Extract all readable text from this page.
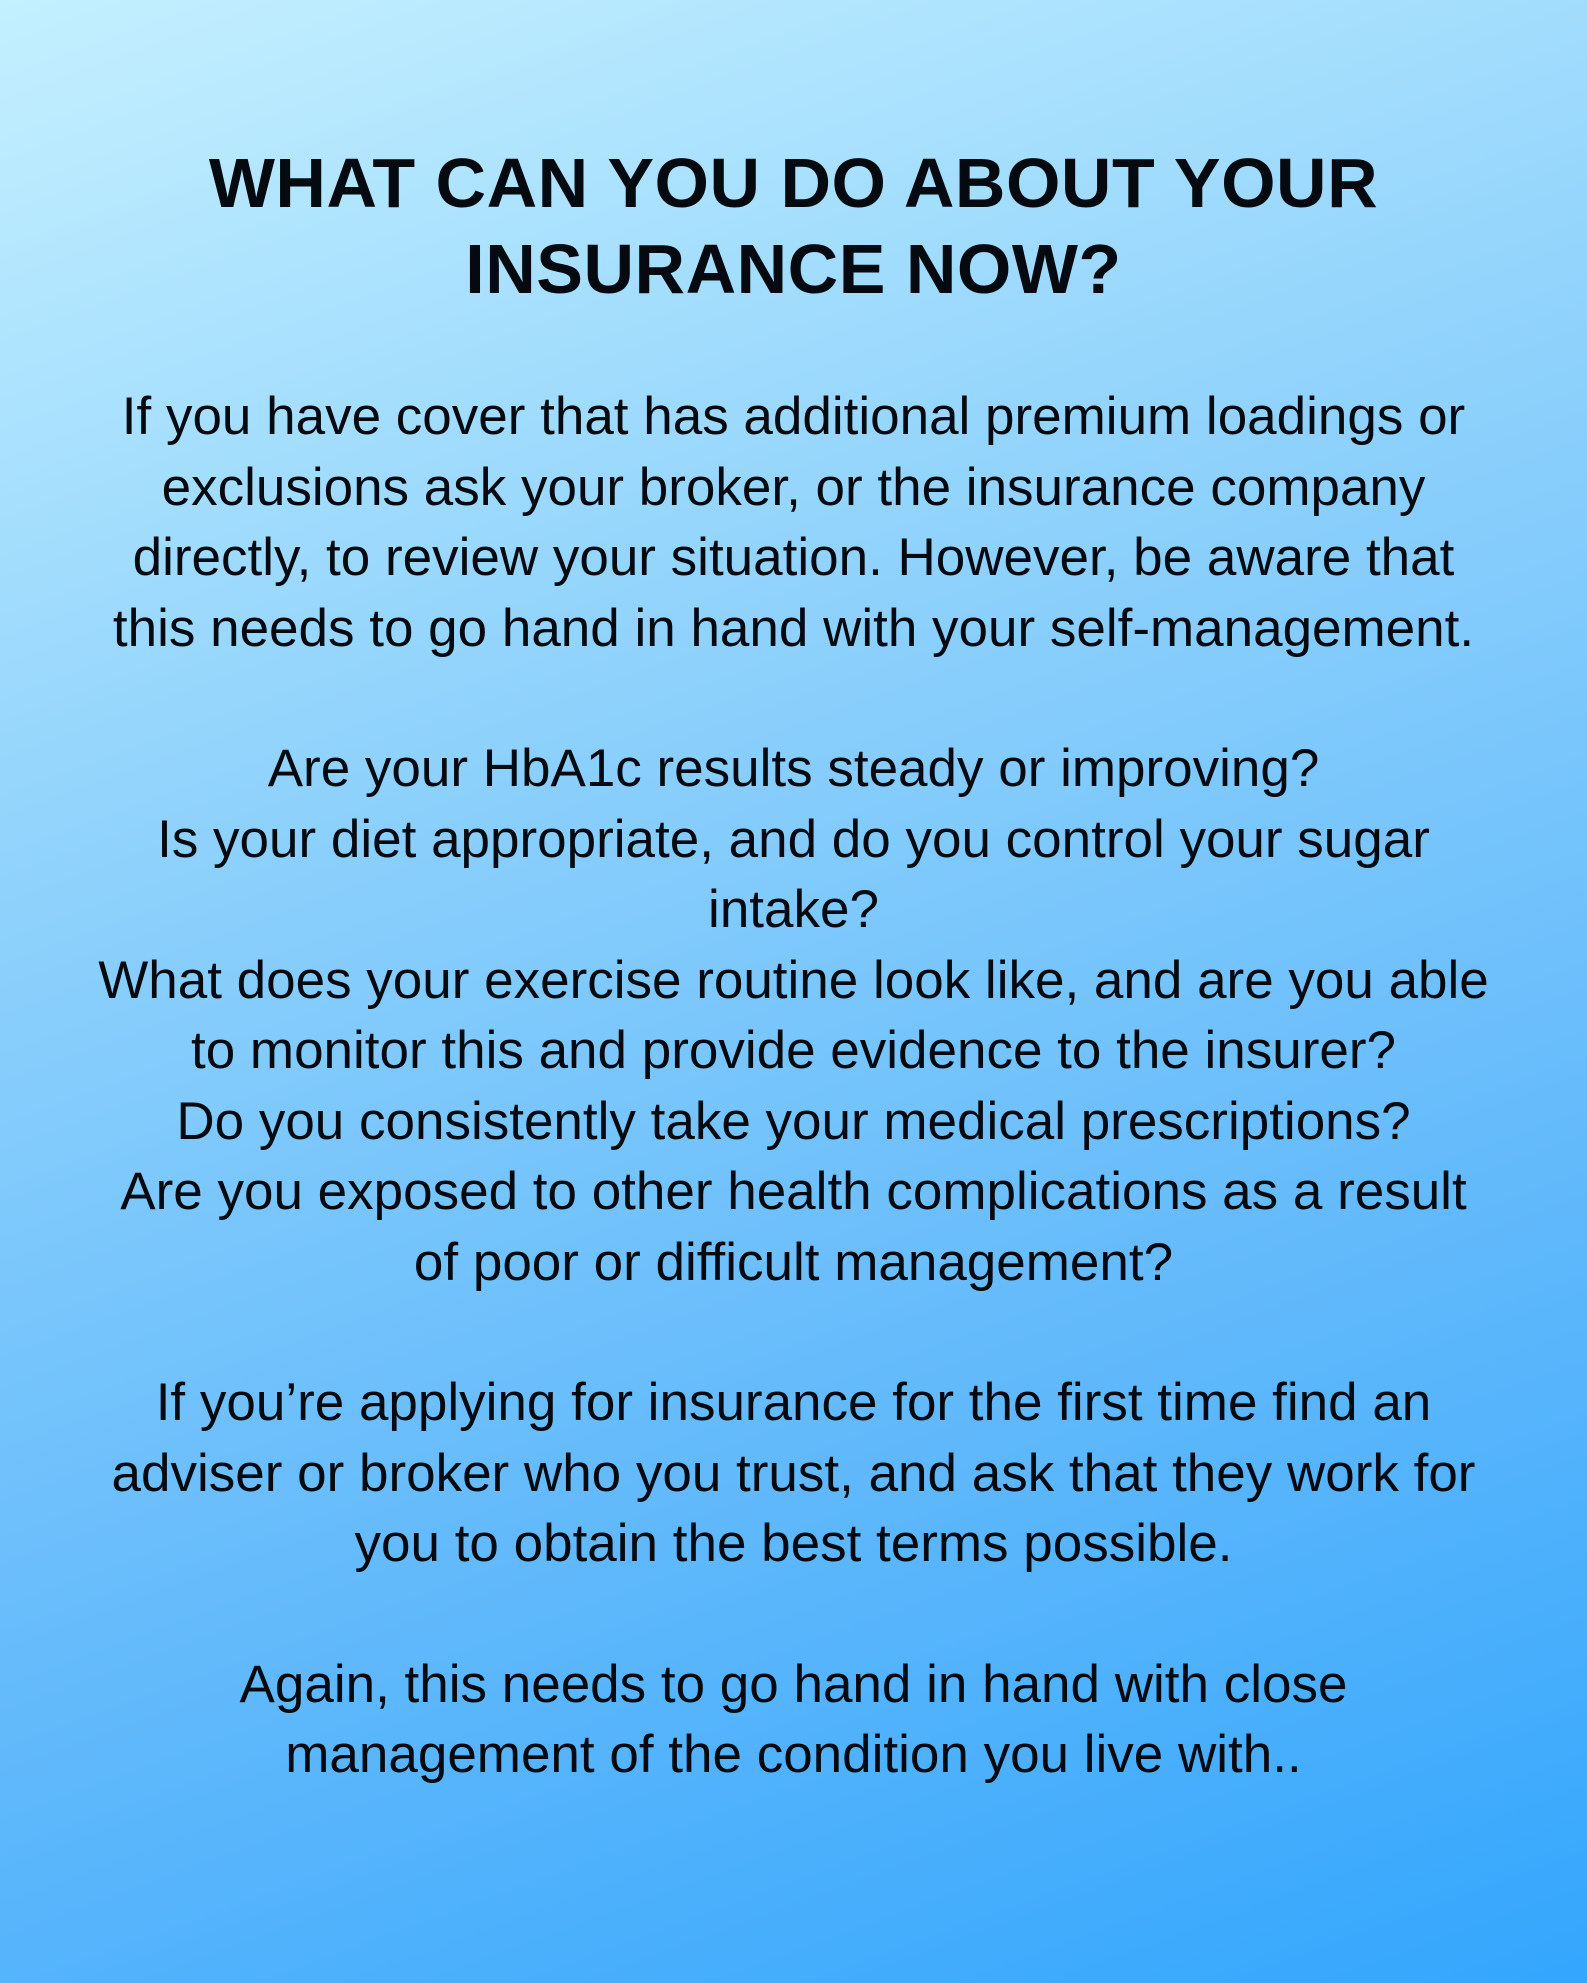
WHAT CAN YOU DO ABOUT YOUR
INSURANCE NOW?

If you have cover that has additional premium loadings or
exclusions ask your broker, or the insurance company
directly, to review your situation. However, be aware that
this needs to go hand in hand with your self-management.

Are your HbA1c results steady or improving?
Is your diet appropriate, and do you control your sugar
intake?
What does your exercise routine look like, and are you able
to monitor this and provide evidence to the insurer?
Do you consistently take your medical prescriptions?
Are you exposed to other health complications as a result
of poor or difficult management?

If you’re applying for insurance for the first time find an
adviser or broker who you trust, and ask that they work for
you to obtain the best terms possible.

Again, this needs to go hand in hand with close
management of the condition you live with..
